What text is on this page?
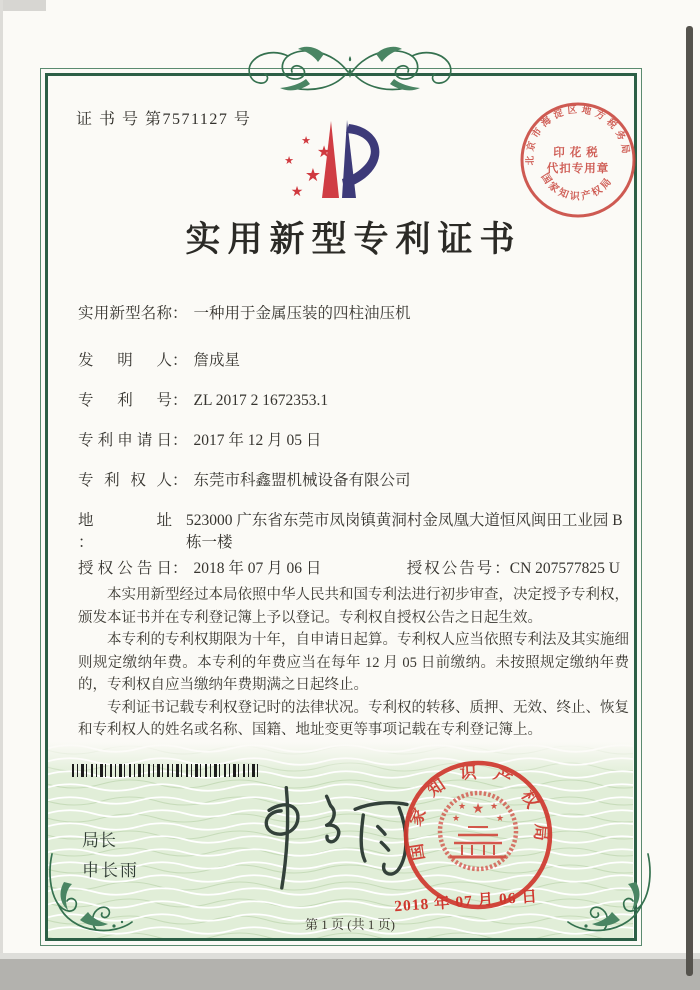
证 书 号 第7571127 号
★
★
★
★
★
北京市海淀区地方税务局
印花税
代扣专用章
国家知识产权局
实用新型专利证书
实用新型名称： 一种用于金属压装的四柱油压机
发明人： 詹成星
专利号： ZL 2017 2 1672353.1
专利申请日： 2017 年 12 月 05 日
专利权人： 东莞市科鑫盟机械设备有限公司
地址：
523000 广东省东莞市凤岗镇黄洞村金凤凰大道恒风闽田工业园 B 栋一楼
授权公告日： 2018 年 07 月 06 日	授权公告号：CN 207577825 U

本实用新型经过本局依照中华人民共和国专利法进行初步审查，决定授予专利权，颁发本证书并在专利登记簿上予以登记。专利权自授权公告之日起生效。

本专利的专利权期限为十年，自申请日起算。专利权人应当依照专利法及其实施细则规定缴纳年费。本专利的年费应当在每年 12 月 05 日前缴纳。未按照规定缴纳年费的，专利权自应当缴纳年费期满之日起终止。

专利证书记载专利权登记时的法律状况。专利权的转移、质押、无效、终止、恢复和专利权人的姓名或名称、国籍、地址变更等事项记载在专利登记簿上。

局长
申长雨
国家知识产权局
★
★	★
★	★
2018 年 07 月 06 日
第 1 页 (共 1 页)
